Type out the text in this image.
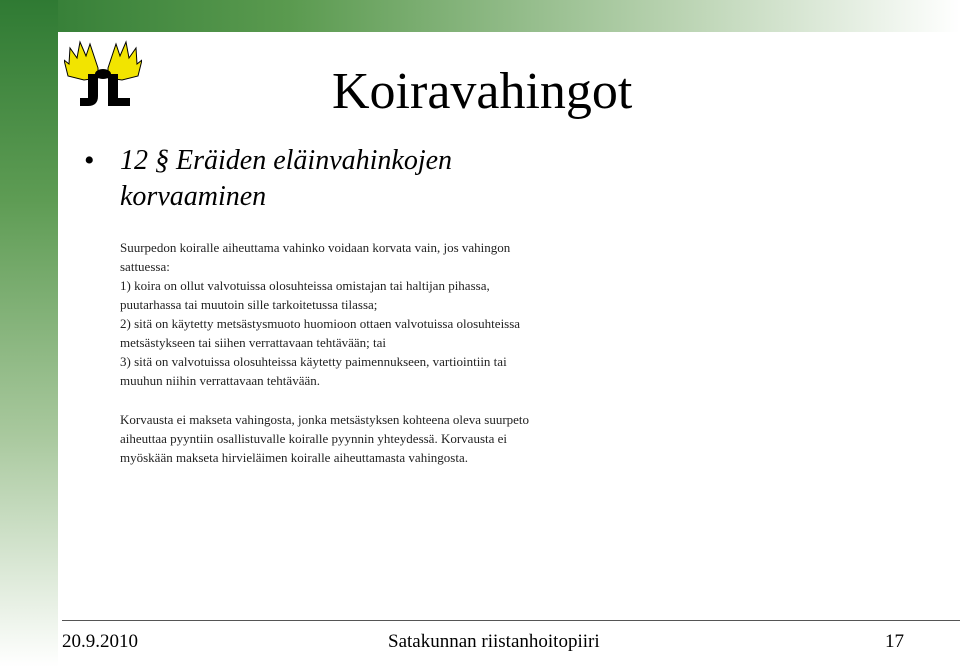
Koiravahingot
• 12 § Eräiden eläinvahinkojen korvaaminen

Suurpedon koiralle aiheuttama vahinko voidaan korvata vain, jos vahingon sattuessa:

1) koira on ollut valvotuissa olosuhteissa omistajan tai haltijan pihassa, puutarhassa tai muutoin sille tarkoitetussa tilassa;

2) sitä on käytetty metsästysmuoto huomioon ottaen valvotuissa olosuhteissa metsästykseen tai siihen verrattavaan tehtävään; tai

3) sitä on valvotuissa olosuhteissa käytetty paimennukseen, vartiointiin tai muuhun niihin verrattavaan tehtävään.

Korvausta ei makseta vahingosta, jonka metsästyksen kohteena oleva suurpeto aiheuttaa pyyntiin osallistuvalle koiralle pyynnin yhteydessä. Korvausta ei myöskään makseta hirvieläimen koiralle aiheuttamasta vahingosta.

20.9.2010	Satakunnan riistanhoitopiiri	17
